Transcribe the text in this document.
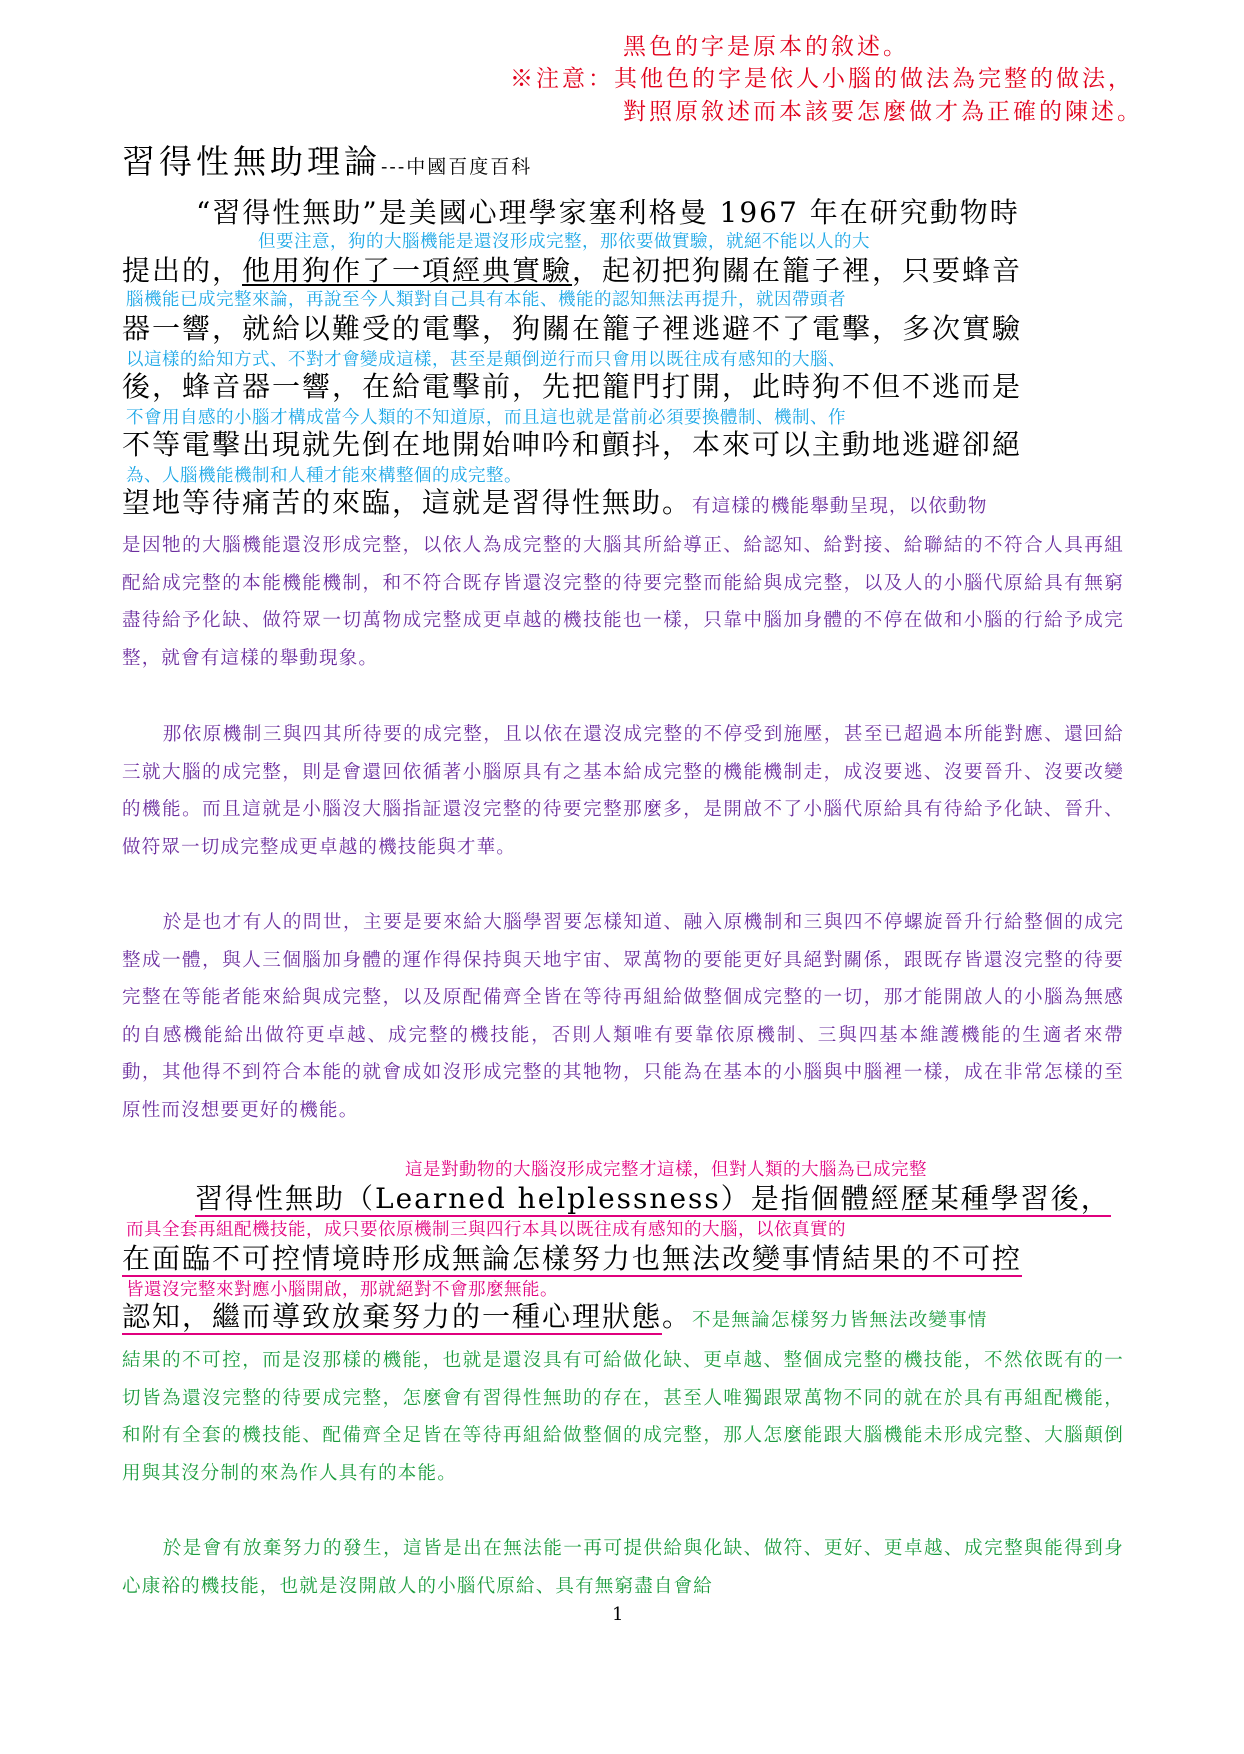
黑色的字是原本的敘述。
※注意：其他色的字是依人小腦的做法為完整的做法，
對照原敘述而本該要怎麼做才為正確的陳述。
習得性無助理論---中國百度百科
“習得性無助”是美國心理學家塞利格曼 1967 年在研究動物時
但要注意，狗的大腦機能是還沒形成完整，那依要做實驗，就絕不能以人的大
提出的，他用狗作了一項經典實驗，起初把狗關在籠子裡，只要蜂音
腦機能已成完整來論，再說至今人類對自己具有本能、機能的認知無法再提升，就因帶頭者
器一響，就給以難受的電擊，狗關在籠子裡逃避不了電擊，多次實驗
以這樣的給知方式、不對才會變成這樣，甚至是顛倒逆行而只會用以既往成有感知的大腦、
後，蜂音器一響，在給電擊前，先把籠門打開，此時狗不但不逃而是
不會用自感的小腦才構成當今人類的不知道原，而且這也就是當前必須要換體制、機制、作
不等電擊出現就先倒在地開始呻吟和顫抖，本來可以主動地逃避卻絕
為、人腦機能機制和人種才能來構整個的成完整。
望地等待痛苦的來臨，這就是習得性無助。有這樣的機能舉動呈現，以依動物
是因牠的大腦機能還沒形成完整，以依人為成完整的大腦其所給導正、給認知、給對接、給聯結的不符合人具再組配給成完整的本能機能機制，和不符合既存皆還沒完整的待要完整而能給與成完整，以及人的小腦代原給具有無窮盡待給予化缺、做符眾一切萬物成完整成更卓越的機技能也一樣，只靠中腦加身體的不停在做和小腦的行給予成完整，就會有這樣的舉動現象。
那依原機制三與四其所待要的成完整，且以依在還沒成完整的不停受到施壓，甚至已超過本所能對應、還回給三就大腦的成完整，則是會還回依循著小腦原具有之基本給成完整的機能機制走，成沒要逃、沒要晉升、沒要改變的機能。而且這就是小腦沒大腦指証還沒完整的待要完整那麼多，是開啟不了小腦代原給具有待給予化缺、晉升、做符眾一切成完整成更卓越的機技能與才華。
於是也才有人的問世，主要是要來給大腦學習要怎樣知道、融入原機制和三與四不停螺旋晉升行給整個的成完整成一體，與人三個腦加身體的運作得保持與天地宇宙、眾萬物的要能更好具絕對關係，跟既存皆還沒完整的待要完整在等能者能來給與成完整，以及原配備齊全皆在等待再組給做整個成完整的一切，那才能開啟人的小腦為無感的自感機能給出做符更卓越、成完整的機技能，否則人類唯有要靠依原機制、三與四基本維護機能的生適者來帶動，其他得不到符合本能的就會成如沒形成完整的其牠物，只能為在基本的小腦與中腦裡一樣，成在非常怎樣的至原性而沒想要更好的機能。
這是對動物的大腦沒形成完整才這樣，但對人類的大腦為已成完整
習得性無助（Learned helplessness）是指個體經歷某種學習後，
而具全套再組配機技能，成只要依原機制三與四行本具以既往成有感知的大腦，以依真實的
在面臨不可控情境時形成無論怎樣努力也無法改變事情結果的不可控
皆還沒完整來對應小腦開啟，那就絕對不會那麼無能。
認知，繼而導致放棄努力的一種心理狀態。不是無論怎樣努力皆無法改變事情
結果的不可控，而是沒那樣的機能，也就是還沒具有可給做化缺、更卓越、整個成完整的機技能，不然依既有的一切皆為還沒完整的待要成完整，怎麼會有習得性無助的存在，甚至人唯獨跟眾萬物不同的就在於具有再組配機能，和附有全套的機技能、配備齊全足皆在等待再組給做整個的成完整，那人怎麼能跟大腦機能未形成完整、大腦顛倒用與其沒分制的來為作人具有的本能。
於是會有放棄努力的發生，這皆是出在無法能一再可提供給與化缺、做符、更好、更卓越、成完整與能得到身心康裕的機技能，也就是沒開啟人的小腦代原給、具有無窮盡自會給
1
